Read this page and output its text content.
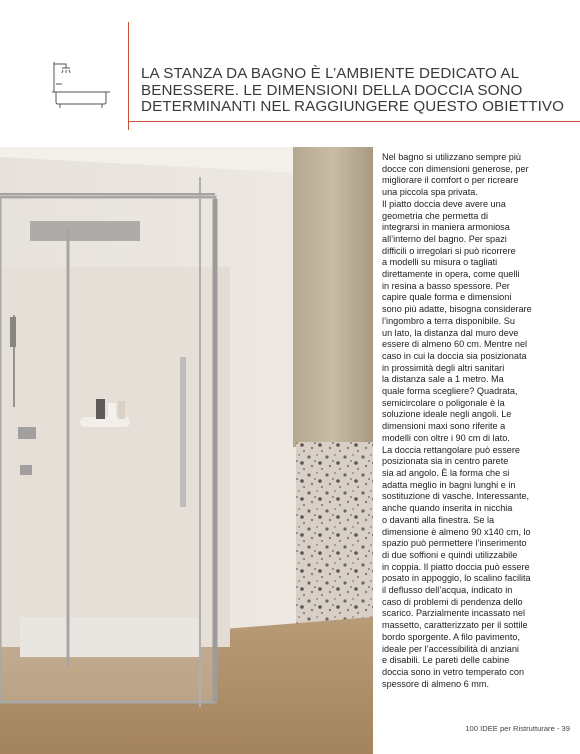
LA STANZA DA BAGNO È L’AMBIENTE DEDICATO AL BENESSERE. LE DIMENSIONI DELLA DOCCIA SONO DETERMINANTI NEL RAGGIUNGERE QUESTO OBIETTIVO
Nel bagno si utilizzano sempre più
docce con dimensioni generose, per
migliorare il comfort o per ricreare
una piccola spa privata.
Il piatto doccia deve avere una
geometria che permetta di
integrarsi in maniera armoniosa
all’interno del bagno. Per spazi
difficili o irregolari si può ricorrere
a modelli su misura o tagliati
direttamente in opera, come quelli
in resina a basso spessore. Per
capire quale forma e dimensioni
sono più adatte, bisogna considerare
l’ingombro a terra disponibile. Su
un lato, la distanza dal muro deve
essere di almeno 60 cm. Mentre nel
caso in cui la doccia sia posizionata
in prossimità degli altri sanitari
la distanza sale a 1 metro. Ma
quale forma scegliere? Quadrata,
semicircolare o poligonale è la
soluzione ideale negli angoli. Le
dimensioni maxi sono riferite a
modelli con oltre i 90 cm di lato.
La doccia rettangolare può essere
posizionata sia in centro parete
sia ad angolo. È la forma che si
adatta meglio in bagni lunghi e in
sostituzione di vasche. Interessante,
anche quando inserita in nicchia
o davanti alla finestra. Se la
dimensione è almeno 90 x140 cm, lo
spazio può permettere l’inserimento
di due soffioni e quindi utilizzabile
in coppia. Il piatto doccia può essere
posato in appoggio, lo scalino facilita
il deflusso dell’acqua, indicato in
caso di problemi di pendenza dello
scarico. Parzialmente incassato nel
massetto, caratterizzato per il sottile
bordo sporgente. A filo pavimento,
ideale per l’accessibilità di anziani
e disabili. Le pareti delle cabine
doccia sono in vetro temperato con
spessore di almeno 6 mm.
100 IDEE per Ristrutturare - 39
